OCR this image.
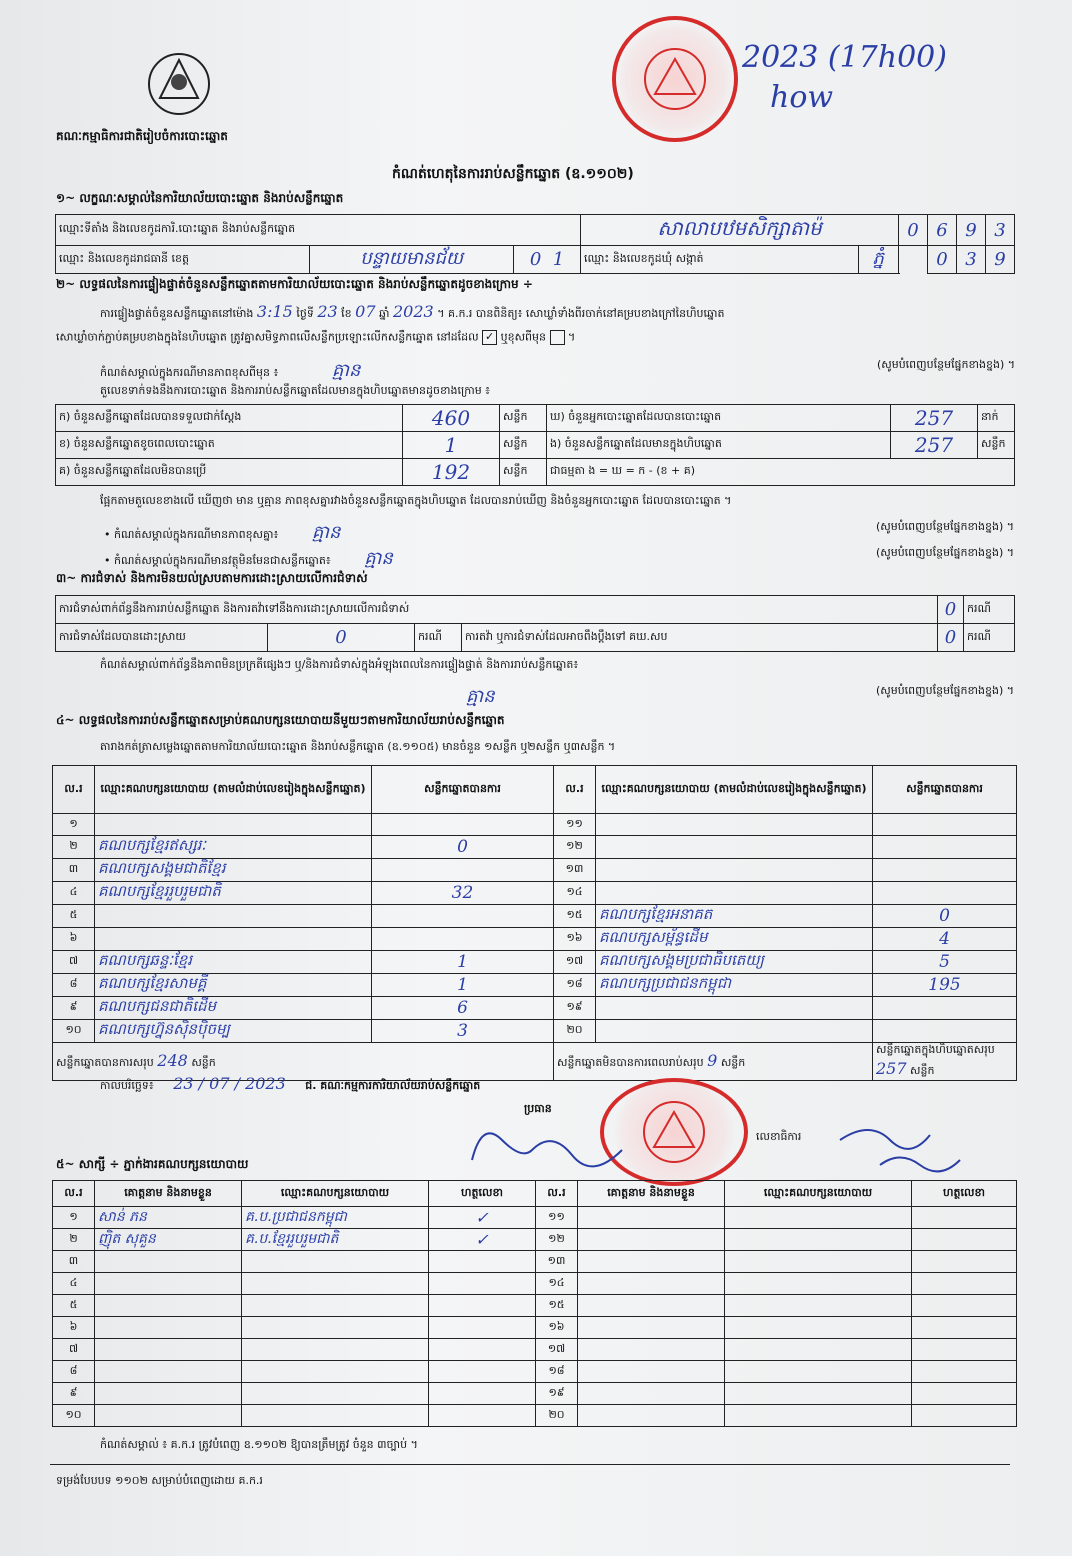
គណៈកម្មាធិការជាតិរៀបចំការបោះឆ្នោត
2023 (17h00)
how
កំណត់ហេតុនៃការរាប់សន្លឹកឆ្នោត (ឧ.១១០២)
១~ លក្ខណៈសម្គាល់នៃការិយាល័យបោះឆ្នោត និងរាប់សន្លឹកឆ្នោត
ឈ្មោះទីតាំង និងលេខកូដការិ.បោះឆ្នោត និងរាប់សន្លឹកឆ្នោត			សាលាបឋមសិក្សាតាម៉		0	6	9	3
ឈ្មោះ និងលេខកូដរាជធានី ខេត្ត	បន្ទាយមានជ័យ	0 1	ឈ្មោះ និងលេខកូដឃុំ សង្កាត់	ភ្នំ		0	3	9
២~ លទ្ធផលនៃការផ្ទៀងផ្ទាត់ចំនួនសន្លឹកឆ្នោតតាមការិយាល័យបោះឆ្នោត និងរាប់សន្លឹកឆ្នោតដូចខាងក្រោម ÷
ការផ្ទៀងផ្ទាត់ចំនួនសន្លឹកឆ្នោតនៅម៉ោង 3:15 ថ្ងៃទី 23 ខែ 07 ឆ្នាំ 2023 ។ គ.ក.រ បានពិនិត្យ៖ សោឃ្លាំទាំងពីរចាក់នៅគម្របខាងក្រៅនៃហិបឆ្នោត
សោឃ្លាំចាក់ភ្ជាប់គម្របខាងក្នុងនៃហិបឆ្នោត ត្រូវគ្នាសមិទ្ធភាពលើសន្លឹកប្រឡោះលើកសន្លឹកឆ្នោត នៅដដែល ✓ ឬខុសពីមុន  ។
កំណត់សម្គាល់ក្នុងករណីមានភាពខុសពីមុន ៖	គ្មាន	(សូមបំពេញបន្ថែមផ្នែកខាងខ្នង) ។
តួលេខទាក់ទងនឹងការបោះឆ្នោត និងការរាប់សន្លឹកឆ្នោតដែលមានក្នុងហិបឆ្នោតមានដូចខាងក្រោម ៖
ក) ចំនួនសន្លឹកឆ្នោតដែលបានទទួលជាក់ស្តែង	460	សន្លឹក	ឃ) ចំនួនអ្នកបោះឆ្នោតដែលបានបោះឆ្នោត	257	នាក់
ខ) ចំនួនសន្លឹកឆ្នោតខូចពេលបោះឆ្នោត	1	សន្លឹក	ង) ចំនួនសន្លឹកឆ្នោតដែលមានក្នុងហិបឆ្នោត	257	សន្លឹក
គ) ចំនួនសន្លឹកឆ្នោតដែលមិនបានប្រើ	192	សន្លឹក	ជាធម្មតា ង = ឃ = ក - (ខ + គ)		
ផ្អែកតាមតួលេខខាងលើ ឃើញថា មាន ឬគ្មាន ភាពខុសគ្នារវាងចំនួនសន្លឹកឆ្នោតក្នុងហិបឆ្នោត ដែលបានរាប់ឃើញ និងចំនួនអ្នកបោះឆ្នោត ដែលបានបោះឆ្នោត ។
• កំណត់សម្គាល់ក្នុងករណីមានភាពខុសគ្នា៖ គ្មាន	(សូមបំពេញបន្ថែមផ្នែកខាងខ្នង) ។
• កំណត់សម្គាល់ក្នុងករណីមានវត្ថុមិនមែនជាសន្លឹកឆ្នោត៖ គ្មាន	(សូមបំពេញបន្ថែមផ្នែកខាងខ្នង) ។
៣~ ការជំទាស់ និងការមិនយល់ស្របតាមការដោះស្រាយលើការជំទាស់
ការជំទាស់ពាក់ព័ន្ធនឹងការរាប់សន្លឹកឆ្នោត និងការតវ៉ាទៅនឹងការដោះស្រាយលើការជំទាស់				0	ករណី
ការជំទាស់ដែលបានដោះស្រាយ	0	ករណី	ការតវ៉ា ឬការជំទាស់ដែលអាចពឹងប្តឹងទៅ គឃ.សប	0	ករណី
កំណត់សម្គាល់ពាក់ព័ន្ធនឹងភាពមិនប្រក្រតីផ្សេងៗ ឬ/និងការជំទាស់ក្នុងអំឡុងពេលនៃការផ្ទៀងផ្ទាត់ និងការរាប់សន្លឹកឆ្នោត៖
គ្មាន	(សូមបំពេញបន្ថែមផ្នែកខាងខ្នង) ។
៤~ លទ្ធផលនៃការរាប់សន្លឹកឆ្នោតសម្រាប់គណបក្សនយោបាយនីមួយៗតាមការិយាល័យរាប់សន្លឹកឆ្នោត
តារាងកត់ត្រាសម្លេងឆ្នោតតាមការិយាល័យបោះឆ្នោត និងរាប់សន្លឹកឆ្នោត (ឧ.១១០៥) មានចំនួន ១សន្លឹក ឬ២សន្លឹក ឬ៣សន្លឹក ។
ល.រ	ឈ្មោះគណបក្សនយោបាយ (តាមលំដាប់លេខរៀងក្នុងសន្លឹកឆ្នោត)	សន្លឹកឆ្នោតបានការ	ល.រ	ឈ្មោះគណបក្សនយោបាយ (តាមលំដាប់លេខរៀងក្នុងសន្លឹកឆ្នោត)	សន្លឹកឆ្នោតបានការ
១			១១		
២	គណបក្សខ្មែរឥស្សរៈ	0	១២		
៣	គណបក្សសង្គមជាតិខ្មែរ		១៣		
៤	គណបក្សខ្មែររួបរួមជាតិ	32	១៤		
៥			១៥	គណបក្សខ្មែរអនាគត	0
៦			១៦	គណបក្សសម្ព័ន្ធដើម	4
៧	គណបក្សឆន្ទៈខ្មែរ	1	១៧	គណបក្សសង្គមប្រជាធិបតេយ្យ	5
៨	គណបក្សខ្មែរសាមគ្គី	1	១៨	គណបក្សប្រជាជនកម្ពុជា	195
៩	គណបក្សជនជាតិដើម	6	១៩		
១០	គណបក្សហ្វ៊ុនស៊ិនប៉ិចម្ប	3	២០		
សន្លឹកឆ្នោតបានការសរុប 248 សន្លឹក			សន្លឹកឆ្នោតមិនបានការពេលរាប់សរុប 9 សន្លឹក		សន្លឹកឆ្នោតក្នុងហិបឆ្នោតសរុប 257 សន្លឹក
កាលបរិច្ឆេទ៖ 23 / 07 / 2023 ជ. គណៈកម្មការការិយាល័យរាប់សន្លឹកឆ្នោត
ប្រធាន
លេខាធិការ
៥~ សាក្សី ÷ ភ្នាក់ងារគណបក្សនយោបាយ
ល.រ	គោត្តនាម និងនាមខ្លួន	ឈ្មោះគណបក្សនយោបាយ	ហត្ថលេខា	ល.រ	គោត្តនាម និងនាមខ្លួន	ឈ្មោះគណបក្សនយោបាយ	ហត្ថលេខា
១	សាន់ ភន	គ.ប.ប្រជាជនកម្ពុជា	✓	១១			
២	ញ៉ិត សុគួន	គ.ប.ខ្មែររួបរួមជាតិ	✓	១២			
៣				១៣			
៤				១៤			
៥				១៥			
៦				១៦			
៧				១៧			
៨				១៨			
៩				១៩			
១០				២០			
កំណត់សម្គាល់ ៖ គ.ក.រ ត្រូវបំពេញ ឧ.១១០២ ឱ្យបានត្រឹមត្រូវ ចំនួន ៣ច្បាប់ ។
ទម្រង់បែបបទ ១១០២ សម្រាប់បំពេញដោយ គ.ក.រ
